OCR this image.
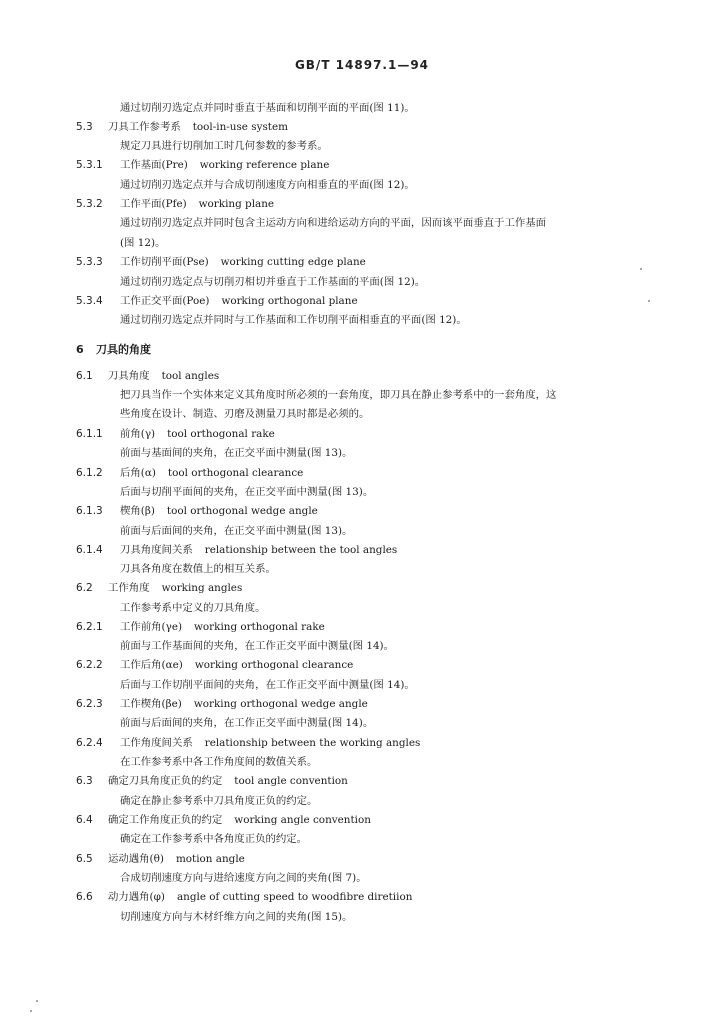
GB/T 14897.1—94
通过切削刃选定点并同时垂直于基面和切削平面的平面(图 11)。
5.3 刀具工作参考系 tool-in-use system
规定刀具进行切削加工时几何参数的参考系。
5.3.1 工作基面(Pre) working reference plane
通过切削刃选定点并与合成切削速度方向相垂直的平面(图 12)。
5.3.2 工作平面(Pfe) working plane
通过切削刃选定点并同时包含主运动方向和进给运动方向的平面，因而该平面垂直于工作基面
(图 12)。
5.3.3 工作切削平面(Pse) working cutting edge plane
通过切削刃选定点与切削刃相切并垂直于工作基面的平面(图 12)。
5.3.4 工作正交平面(Poe) working orthogonal plane
通过切削刃选定点并同时与工作基面和工作切削平面相垂直的平面(图 12)。
6 刀具的角度
6.1 刀具角度 tool angles
把刀具当作一个实体来定义其角度时所必须的一套角度，即刀具在静止参考系中的一套角度，这
些角度在设计、制造、刃磨及测量刀具时都是必须的。
6.1.1 前角(γ) tool orthogonal rake
前面与基面间的夹角，在正交平面中测量(图 13)。
6.1.2 后角(α) tool orthogonal clearance
后面与切削平面间的夹角，在正交平面中测量(图 13)。
6.1.3 楔角(β) tool orthogonal wedge angle
前面与后面间的夹角，在正交平面中测量(图 13)。
6.1.4 刀具角度间关系 relationship between the tool angles
刀具各角度在数值上的相互关系。
6.2 工作角度 working angles
工作参考系中定义的刀具角度。
6.2.1 工作前角(γe) working orthogonal rake
前面与工作基面间的夹角，在工作正交平面中测量(图 14)。
6.2.2 工作后角(αe) working orthogonal clearance
后面与工作切削平面间的夹角，在工作正交平面中测量(图 14)。
6.2.3 工作楔角(βe) working orthogonal wedge angle
前面与后面间的夹角，在工作正交平面中测量(图 14)。
6.2.4 工作角度间关系 relationship between the working angles
在工作参考系中各工作角度间的数值关系。
6.3 确定刀具角度正负的约定 tool angle convention
确定在静止参考系中刀具角度正负的约定。
6.4 确定工作角度正负的约定 working angle convention
确定在工作参考系中各角度正负的约定。
6.5 运动遇角(θ) motion angle
合成切削速度方向与进给速度方向之间的夹角(图 7)。
6.6 动力遇角(φ) angle of cutting speed to woodfibre diretiion
切削速度方向与木材纤维方向之间的夹角(图 15)。
